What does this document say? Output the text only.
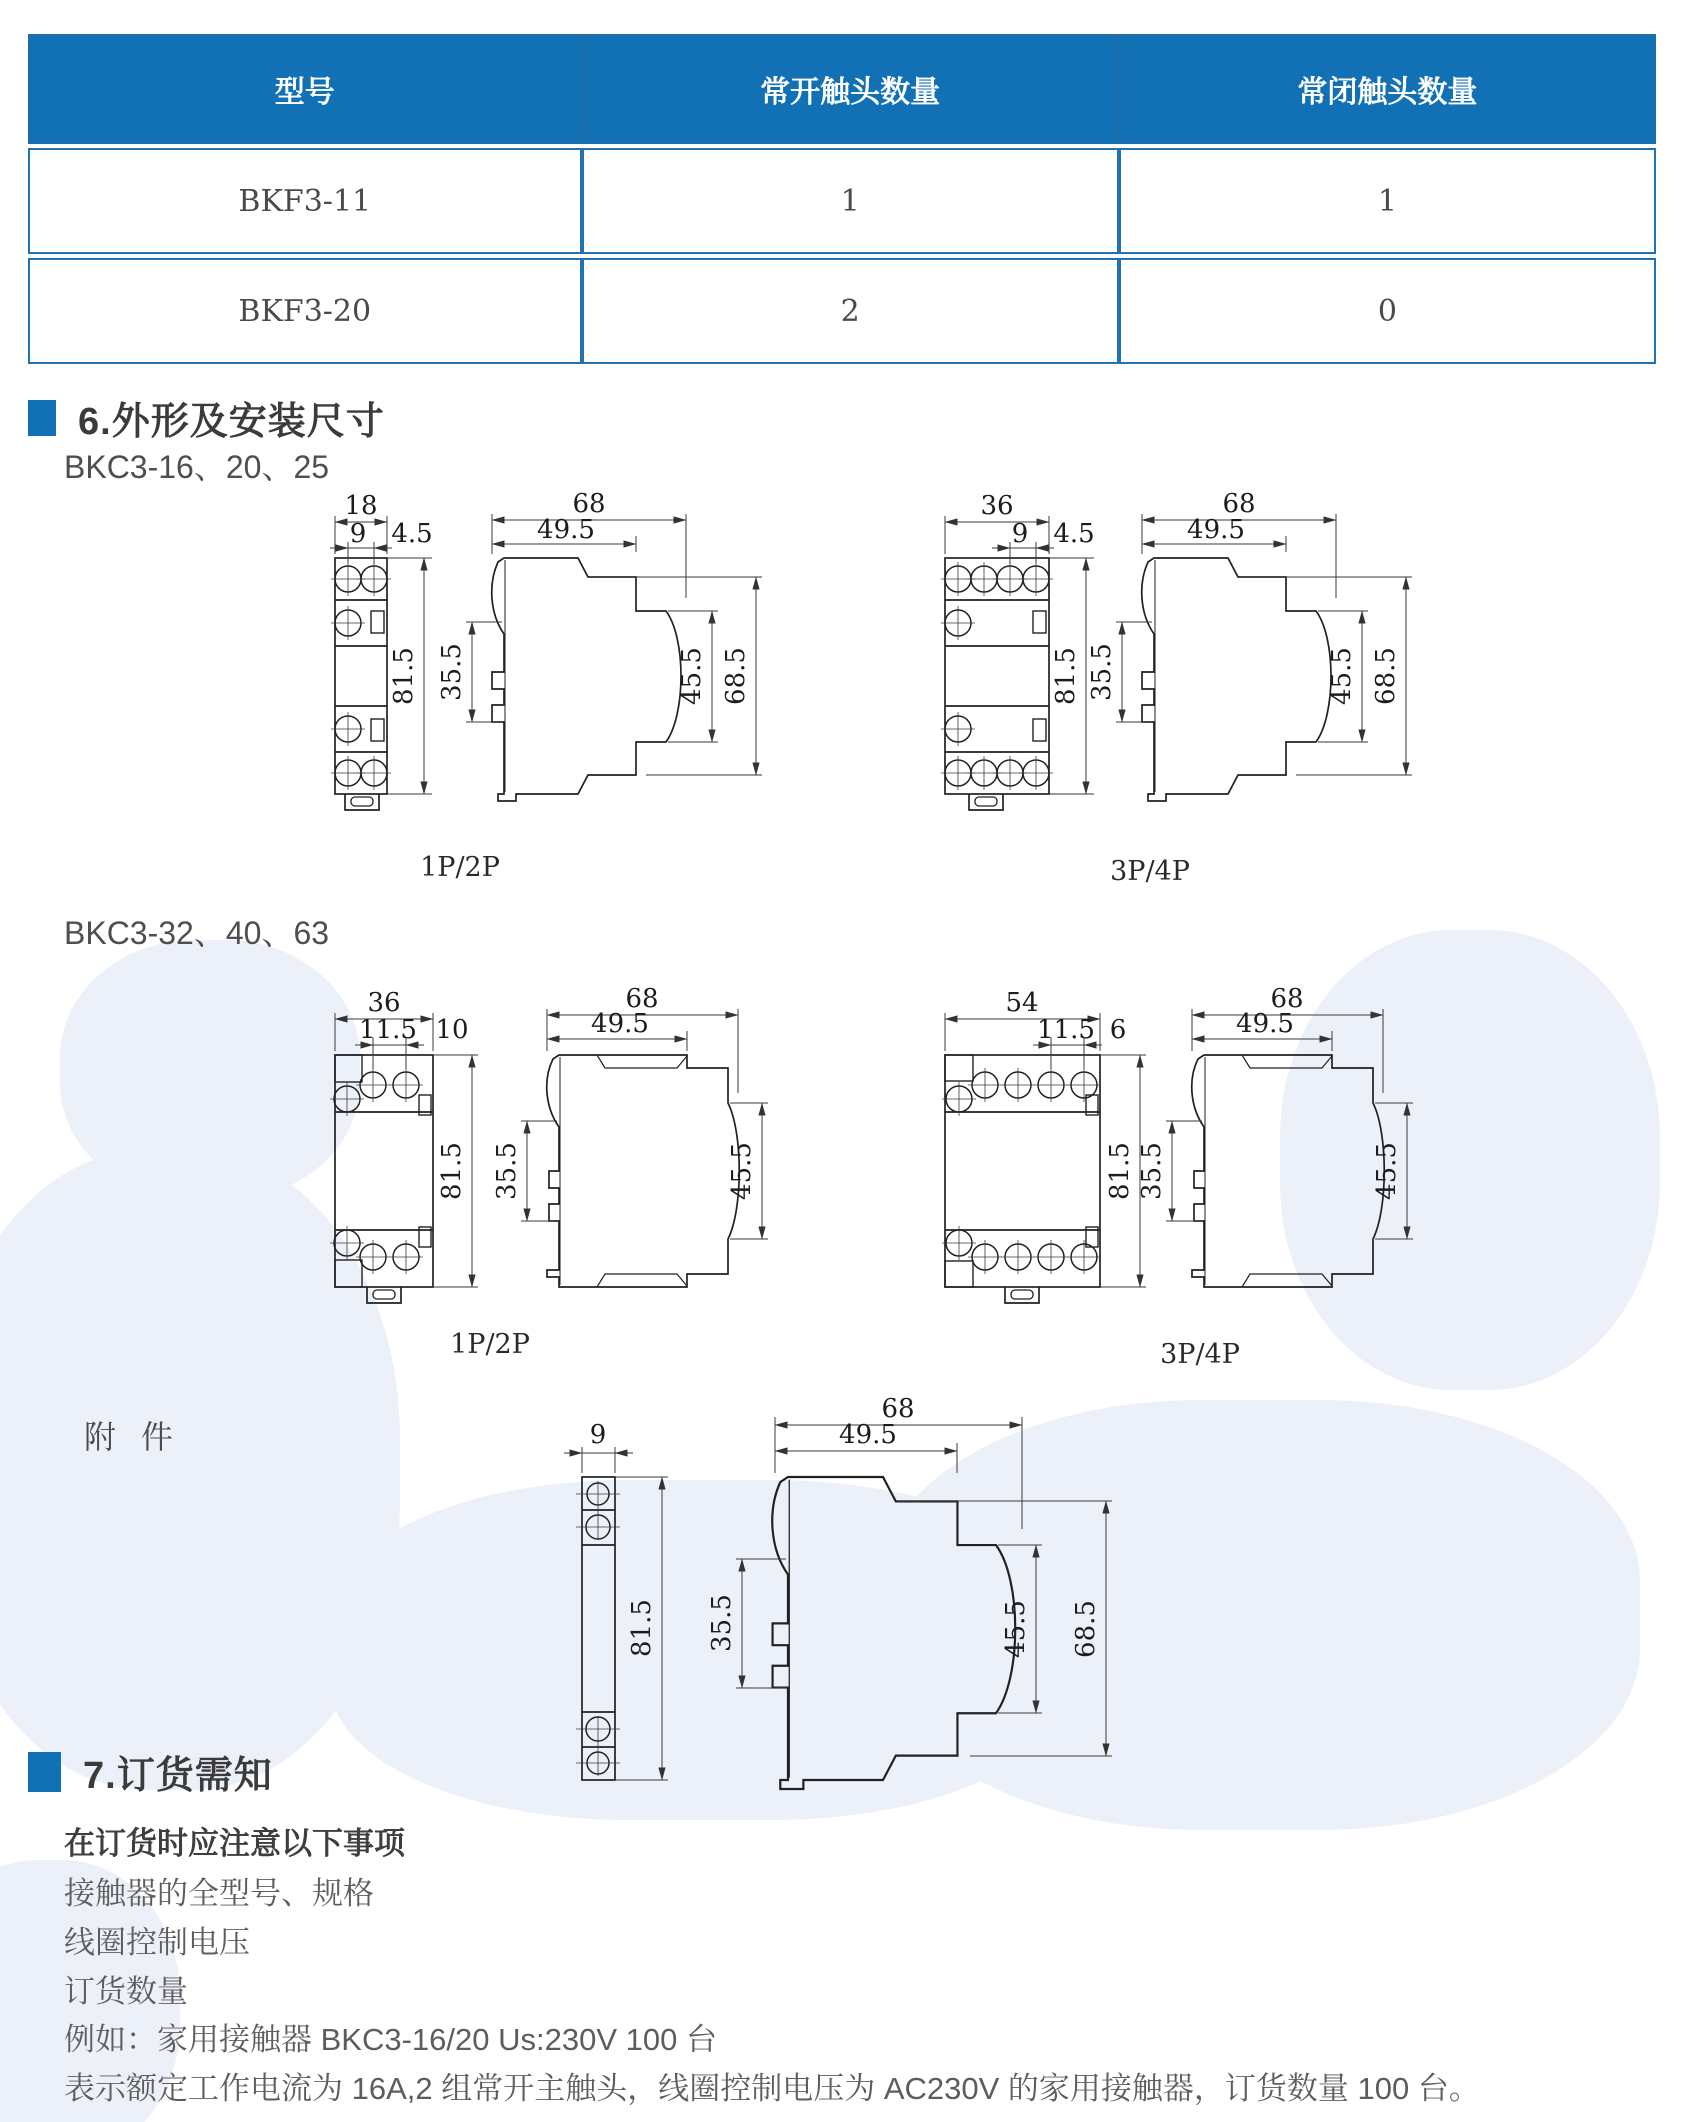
型号	常开触头数量	常闭触头数量
BKF3-11	1	1
BKF3-20	2	0
6.外形及安装尺寸
BKC3-16、20、25
18
9 4.5
81.5
68
49.5
35.5	45.5 68.5
1P/2P
36
9 4.5
81.5
68
49.5
35.5	45.5 68.5
3P/4P
BKC3-32、40、63
36
11.5 10
81.5
68
49.5
35.5	45.5
1P/2P
54
11.5 6
81.5
68
49.5
35.5	45.5
3P/4P
附 件	9
81.5
68
49.5
35.5	45.5 68.5
7.订货需知
在订货时应注意以下事项
接触器的全型号、规格
线圈控制电压
订货数量
例如：家用接触器 BKC3-16/20 Us:230V 100 台
表示额定工作电流为 16A,2 组常开主触头，线圈控制电压为 AC230V 的家用接触器，订货数量 100 台。
